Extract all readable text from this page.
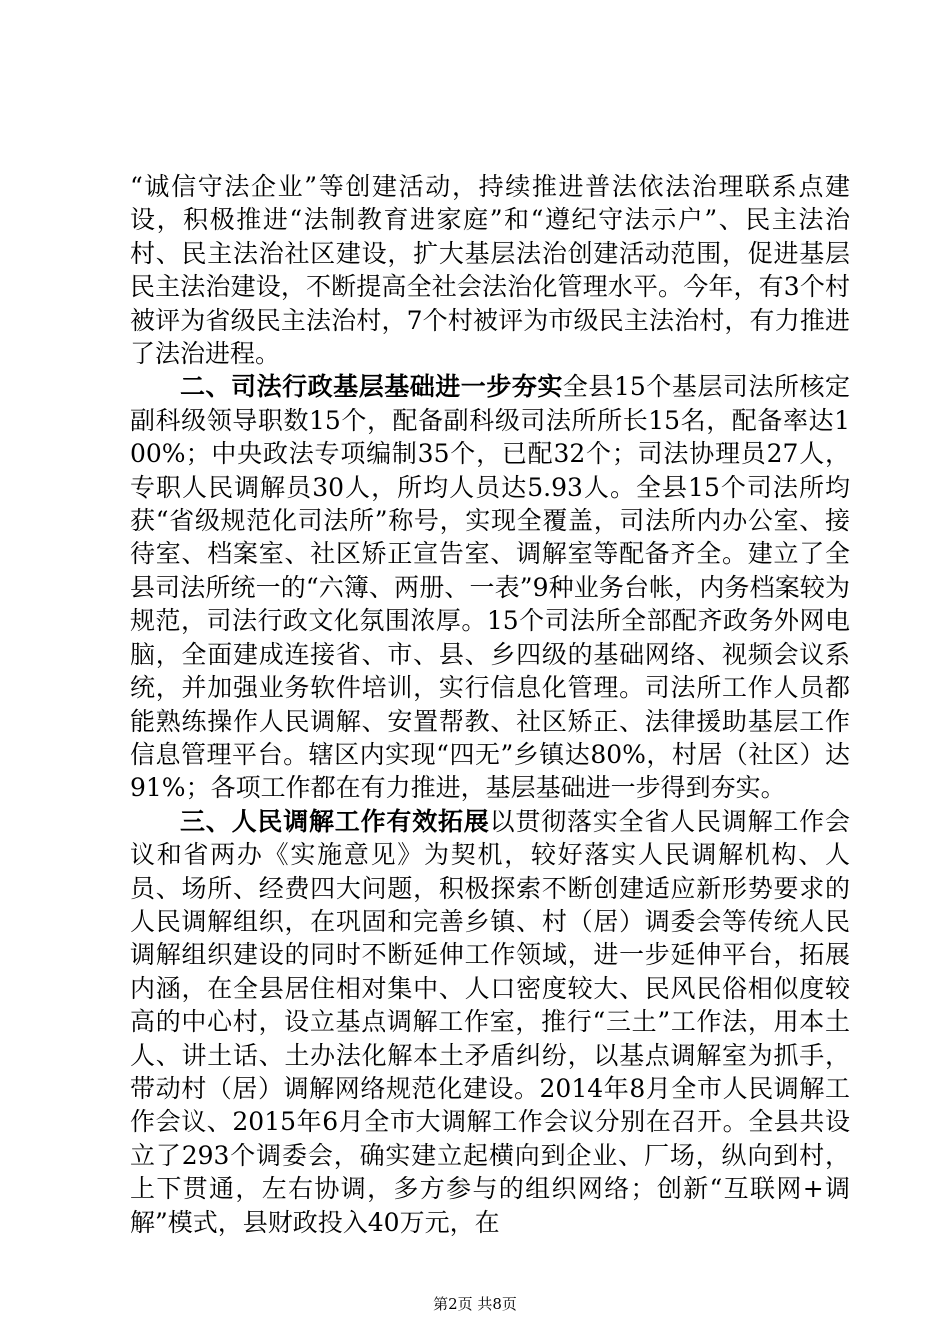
“诚信守法企业”等创建活动，持续推进普法依法治理联系点建设，积极推进“法制教育进家庭”和“遵纪守法示户”、民主法治村、民主法治社区建设，扩大基层法治创建活动范围，促进基层民主法治建设，不断提高全社会法治化管理水平。今年，有3个村被评为省级民主法治村，7个村被评为市级民主法治村，有力推进了法治进程。

二、司法行政基层基础进一步夯实全县15个基层司法所核定副科级领导职数15个，配备副科级司法所所长15名，配备率达100%；中央政法专项编制35个，已配32个；司法协理员27人，专职人民调解员30人，所均人员达5.93人。全县15个司法所均获“省级规范化司法所”称号，实现全覆盖，司法所内办公室、接待室、档案室、社区矫正宣告室、调解室等配备齐全。建立了全县司法所统一的“六簿、两册、一表”9种业务台帐，内务档案较为规范，司法行政文化氛围浓厚。15个司法所全部配齐政务外网电脑，全面建成连接省、市、县、乡四级的基础网络、视频会议系统，并加强业务软件培训，实行信息化管理。司法所工作人员都能熟练操作人民调解、安置帮教、社区矫正、法律援助基层工作信息管理平台。辖区内实现“四无”乡镇达80%，村居（社区）达91%；各项工作都在有力推进，基层基础进一步得到夯实。

三、人民调解工作有效拓展以贯彻落实全省人民调解工作会议和省两办《实施意见》为契机，较好落实人民调解机构、人员、场所、经费四大问题，积极探索不断创建适应新形势要求的人民调解组织，在巩固和完善乡镇、村（居）调委会等传统人民调解组织建设的同时不断延伸工作领域，进一步延伸平台，拓展内涵，在全县居住相对集中、人口密度较大、民风民俗相似度较高的中心村，设立基点调解工作室，推行“三土”工作法，用本土人、讲土话、土办法化解本土矛盾纠纷，以基点调解室为抓手，带动村（居）调解网络规范化建设。2014年8月全市人民调解工作会议、2015年6月全市大调解工作会议分别在召开。全县共设立了293个调委会，确实建立起横向到企业、厂场，纵向到村，上下贯通，左右协调，多方参与的组织网络；创新“互联网+调解”模式，县财政投入40万元，在

第2页 共8页
